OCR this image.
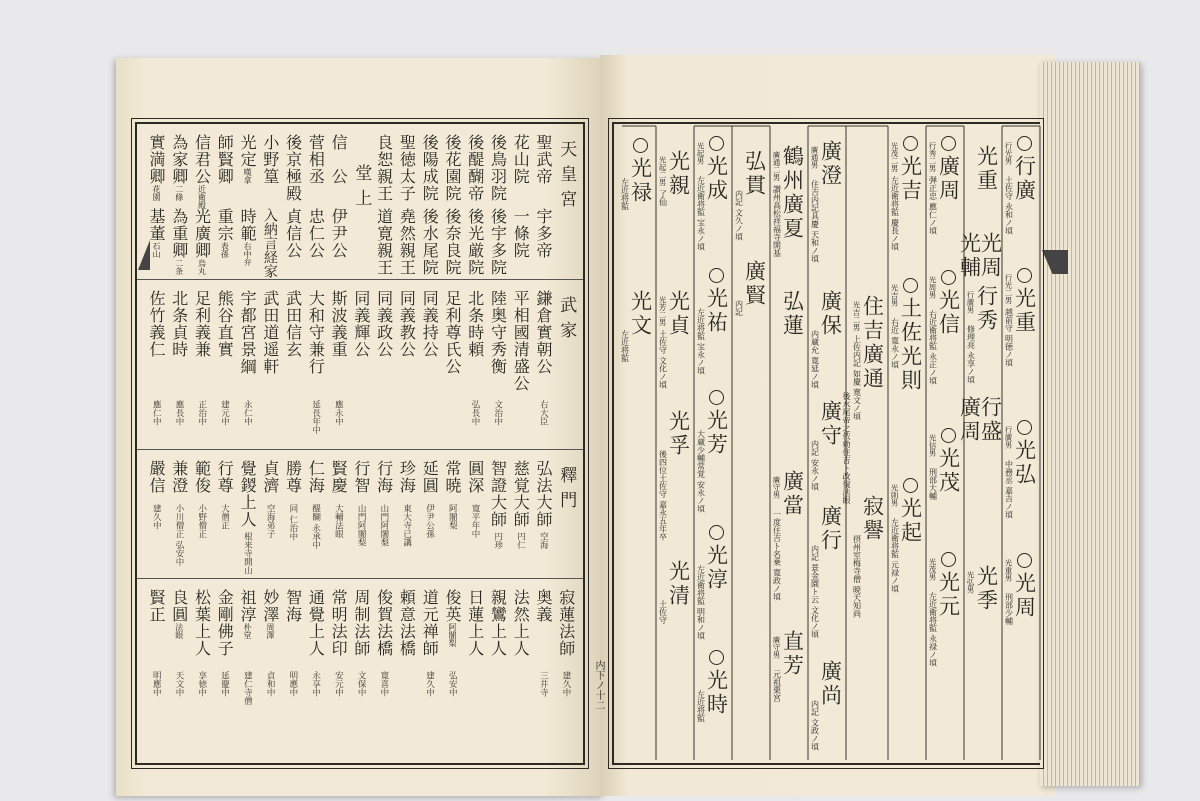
天皇宮
聖武帝
宇多帝
花山院
一條院
後鳥羽院
後宇多院
後醍醐帝
後光厳院
後花園院
後奈良院
後陽成院
後水尾院
聖徳太子
堯然親王
良恕親王
道寛親王
堂上
信　公
伊尹公
菅相丞
忠仁公
後京極殿
貞信公
小野篁
入納言経家
光定嘆拿
時範右中弁
師賢卿
重宗表孫
信君公近衛殿
光廣卿烏丸
為家卿二條
為重卿二条
實満卿花園
基董石山
武家
鎌倉實朝公
右大臣
平相國清盛公
陸奥守秀衡
文治中
北条時頼
弘長中
足利尊氏公
同義持公
同義教公
同義政公
同義輝公
斯波義重
應永中
大和守兼行
延長年中
武田信玄
武田道遥軒
宇都宮景綱
永仁中
熊谷直實
建元中
足利義兼
正治中
北条貞時
應長中
佐竹義仁
應仁中
釋門
弘法大師
空海
慈覚大師
円仁
智證大師
円珍
圓深
寛平年中
常暁
阿闍梨
延圓
伊尹公孫
珍海
東大寺已講
行海
山門阿闍梨
行智
山門阿闍梨
賢慶
大輔法眼
仁海
醍醐 永承中
勝尊
同 仁治中
貞濟
空海弟子
覺鍐上人
根来寺開山
行尊
大僧正
範俊
小野僧正
兼澄
小川僧正 弘安中
嚴信
建久中
寂蓮法師
建久中
奥義
三井寺
法然上人
親鸞上人
日蓮上人
俊英阿闍梨
弘安中
道元禅師
建久中
頼意法橋
俊賀法橋
寛喜中
周制法師
文保中
常明法印
安元中
通覺上人
永享中
智海
明應中
妙澤周澤
貞和中
祖淳朴堂
建仁寺僧
金剛佛子
延慶中
松葉上人
享徳中
良圓法眼
天文中
賢正
明應中	内下ノ十二
行廣
行光男
土佐守 永和ノ頃
光重
行光二男
越前守 明徳ノ頃
光弘
行廣男
中務丞 嘉吉ノ頃
光周
光重男
刑部少輔
光重
光周
光輔
行秀
行廣男
修理亮 永享ノ頃
行盛
廣周
光季
光弘男
廣周
行秀二男
弾正忠 應仁ノ頃
光信
光周男
右近衛将監 永正ノ頃
光茂
光信男
刑部大輔
光元
光茂男
左近衛将監 永禄ノ頃
光吉
光茂二男
左近衛将監 慶長ノ頃
土佐光則
光吉男
右近 寛永ノ頃
光起
光則男
左近衛将監 元禄ノ頃
住吉廣通
光吉二男
上佐内記 如慶 寛文ノ頃
寂譽
摂州室梅寺僧 暁天知尚
後水尾帝之依勅住吉ト改復法眼
廣澄
廣通男
住吉内記具慶 天和ノ頃
廣保
内蔵允 寛延ノ頃
弘蓮
廣守
内記 安永ノ頃
廣行
内記 景金園ト云 文化ノ頃
廣當
廣守男
一度住吉ト名乗 寛政ノ頃
廣尚
内記 文政ノ頃
直芳
廣守男
元祖栗宮
鶴州廣夏
廣通二男
讃州高松祥福寺開基
弘貫
内記 文久ノ頃
廣賢
内記
光成
光起男
左近衛将監 宝永ノ頃
光祐
左近将監 宝永ノ頃
光芳
大蔵少輔常覚 安永ノ頃
光淳
左近衛将監 明和ノ頃
光時
左近将監
光親
光起二男
了仙
光貞
光芳二男
土佐守 文化ノ頃
光孚
後四位土佐守 嘉永五年卒
光清
土佐守
光禄
左近将監
光文
左近将監
